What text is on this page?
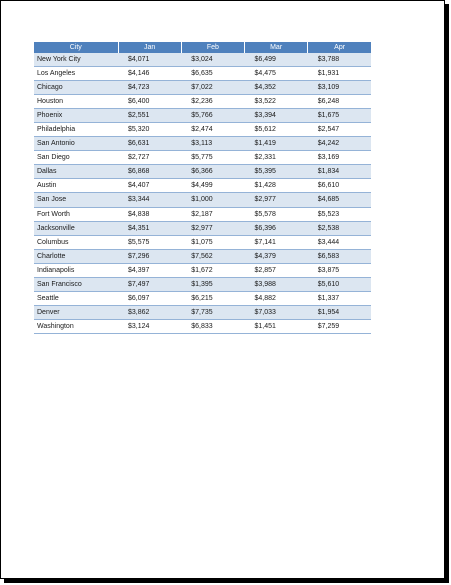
City	Jan	Feb	Mar	Apr
New York City	$4,071	$3,024	$6,499	$3,788
Los Angeles	$4,146	$6,635	$4,475	$1,931
Chicago	$4,723	$7,022	$4,352	$3,109
Houston	$6,400	$2,236	$3,522	$6,248
Phoenix	$2,551	$5,766	$3,394	$1,675
Philadelphia	$5,320	$2,474	$5,612	$2,547
San Antonio	$6,631	$3,113	$1,419	$4,242
San Diego	$2,727	$5,775	$2,331	$3,169
Dallas	$6,868	$6,366	$5,395	$1,834
Austin	$4,407	$4,499	$1,428	$6,610
San Jose	$3,344	$1,000	$2,977	$4,685
Fort Worth	$4,838	$2,187	$5,578	$5,523
Jacksonville	$4,351	$2,977	$6,396	$2,538
Columbus	$5,575	$1,075	$7,141	$3,444
Charlotte	$7,296	$7,562	$4,379	$6,583
Indianapolis	$4,397	$1,672	$2,857	$3,875
San Francisco	$7,497	$1,395	$3,988	$5,610
Seattle	$6,097	$6,215	$4,882	$1,337
Denver	$3,862	$7,735	$7,033	$1,954
Washington	$3,124	$6,833	$1,451	$7,259
